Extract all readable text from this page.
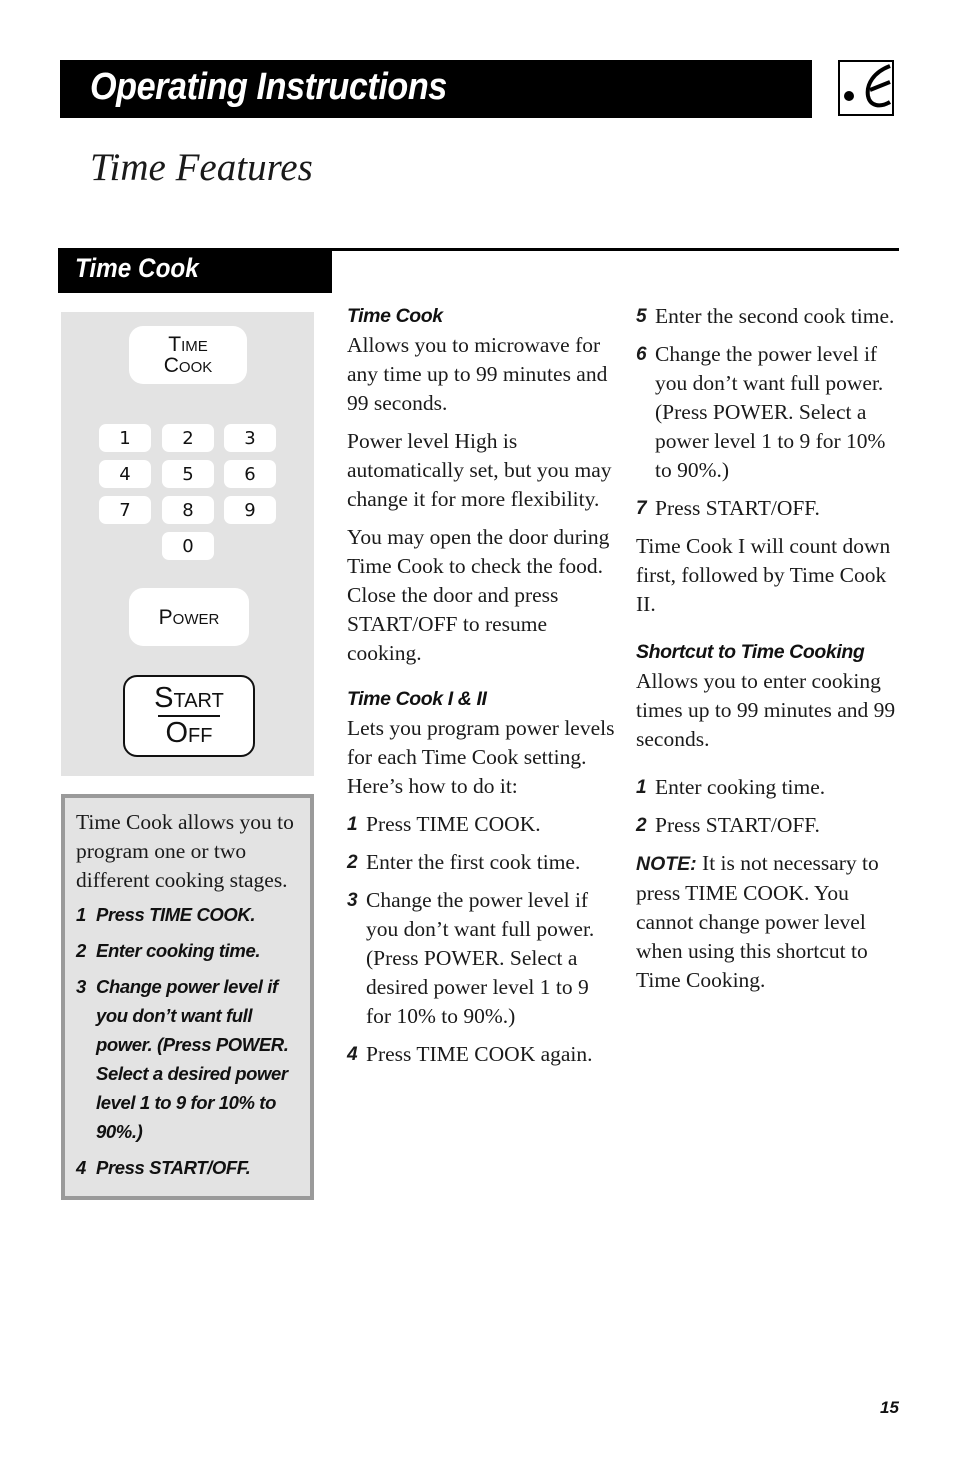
Operating Instructions
Time Features
Time Cook
Time
Cook
1	2	3
4	5	6
7	8	9
0
Power
Start
Off

Time Cook allows you to program one or two different cooking stages.

1 Press TIME COOK.
2 Enter cooking time.
3 Change power level if you don’t want full power. (Press POWER. Select a desired power level 1 to 9 for 10% to 90%.)
4 Press START/OFF.
Time Cook

Allows you to microwave for any time up to 99 minutes and 99 seconds.

Power level High is automatically set, but you may change it for more flexibility.

You may open the door during Time Cook to check the food. Close the door and press START/OFF to resume cooking.

Time Cook I & II

Lets you program power levels for each Time Cook setting. Here’s how to do it:

1 Press TIME COOK.
2 Enter the first cook time.
3 Change the power level if you don’t want full power. (Press POWER. Select a desired power level 1 to 9 for 10% to 90%.)
4 Press TIME COOK again.
5 Enter the second cook time.
6 Change the power level if you don’t want full power. (Press POWER. Select a power level 1 to 9 for 10% to 90%.)
7 Press START/OFF.

Time Cook I will count down first, followed by Time Cook II.

Shortcut to Time Cooking

Allows you to enter cooking times up to 99 minutes and 99 seconds.

1 Enter cooking time.
2 Press START/OFF.

NOTE: It is not necessary to press TIME COOK. You cannot change power level when using this shortcut to Time Cooking.

15
